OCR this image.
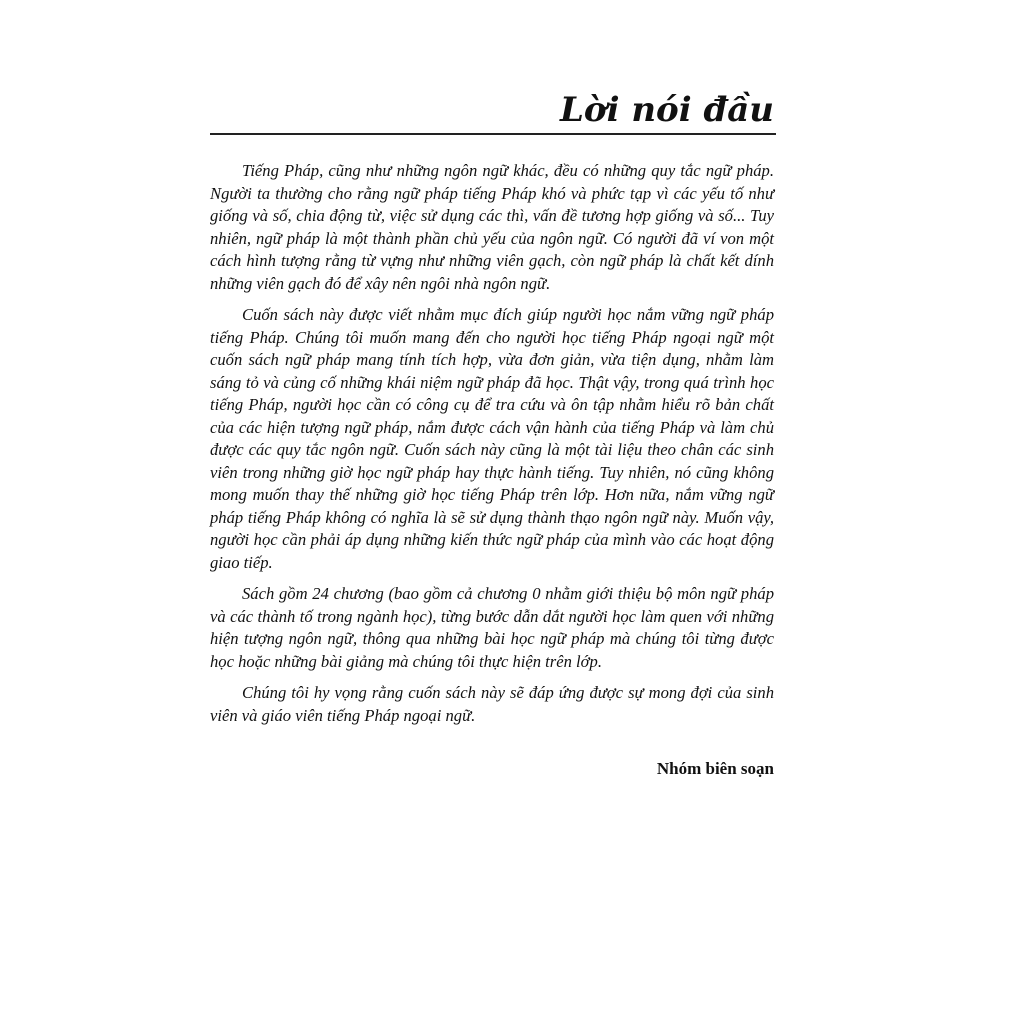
Lời nói đầu

Tiếng Pháp, cũng như những ngôn ngữ khác, đều có những quy tắc ngữ pháp. Người ta thường cho rằng ngữ pháp tiếng Pháp khó và phức tạp vì các yếu tố như giống và số, chia động từ, việc sử dụng các thì, vấn đề tương hợp giống và số... Tuy nhiên, ngữ pháp là một thành phần chủ yếu của ngôn ngữ. Có người đã ví von một cách hình tượng rằng từ vựng như những viên gạch, còn ngữ pháp là chất kết dính những viên gạch đó để xây nên ngôi nhà ngôn ngữ.

Cuốn sách này được viết nhằm mục đích giúp người học nắm vững ngữ pháp tiếng Pháp. Chúng tôi muốn mang đến cho người học tiếng Pháp ngoại ngữ một cuốn sách ngữ pháp mang tính tích hợp, vừa đơn giản, vừa tiện dụng, nhằm làm sáng tỏ và củng cố những khái niệm ngữ pháp đã học. Thật vậy, trong quá trình học tiếng Pháp, người học cần có công cụ để tra cứu và ôn tập nhằm hiểu rõ bản chất của các hiện tượng ngữ pháp, nắm được cách vận hành của tiếng Pháp và làm chủ được các quy tắc ngôn ngữ. Cuốn sách này cũng là một tài liệu theo chân các sinh viên trong những giờ học ngữ pháp hay thực hành tiếng. Tuy nhiên, nó cũng không mong muốn thay thế những giờ học tiếng Pháp trên lớp. Hơn nữa, nắm vững ngữ pháp tiếng Pháp không có nghĩa là sẽ sử dụng thành thạo ngôn ngữ này. Muốn vậy, người học cần phải áp dụng những kiến thức ngữ pháp của mình vào các hoạt động giao tiếp.

Sách gồm 24 chương (bao gồm cả chương 0 nhằm giới thiệu bộ môn ngữ pháp và các thành tố trong ngành học), từng bước dẫn dắt người học làm quen với những hiện tượng ngôn ngữ, thông qua những bài học ngữ pháp mà chúng tôi từng được học hoặc những bài giảng mà chúng tôi thực hiện trên lớp.

Chúng tôi hy vọng rằng cuốn sách này sẽ đáp ứng được sự mong đợi của sinh viên và giáo viên tiếng Pháp ngoại ngữ.

Nhóm biên soạn
